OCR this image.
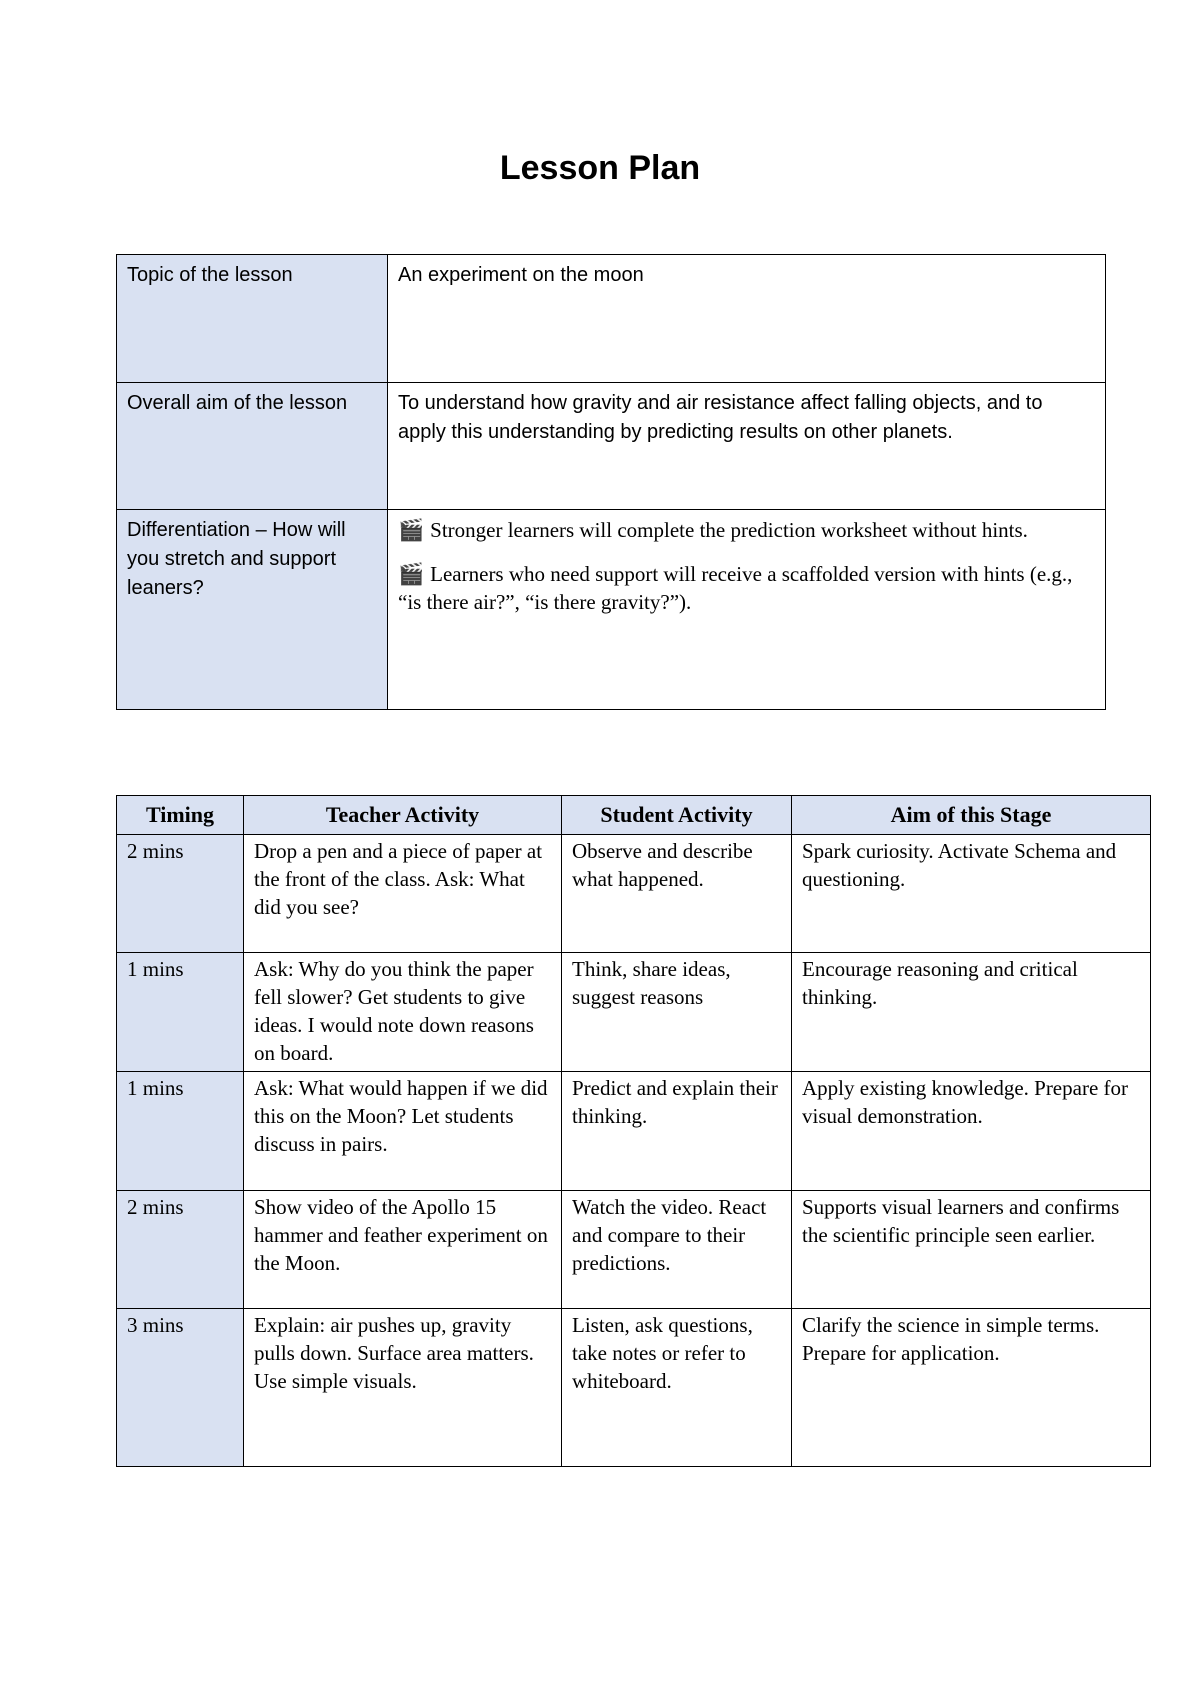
Lesson Plan
Topic of the lesson	An experiment on the moon
Overall aim of the lesson	To understand how gravity and air resistance affect falling objects, and to apply this understanding by predicting results on other planets.
Differentiation – How will you stretch and support leaners?	🎬 Stronger learners will complete the prediction worksheet without hints.

🎬 Learners who need support will receive a scaffolded version with hints (e.g., “is there air?”, “is there gravity?”).

Timing	Teacher Activity	Student Activity	Aim of this Stage
2 mins	Drop a pen and a piece of paper at the front of the class. Ask: What did you see?	Observe and describe what happened.	Spark curiosity. Activate Schema and questioning.
1 mins	Ask: Why do you think the paper fell slower? Get students to give ideas. I would note down reasons on board.	Think, share ideas, suggest reasons	Encourage reasoning and critical thinking.
1 mins	Ask: What would happen if we did this on the Moon? Let students discuss in pairs.	Predict and explain their thinking.	Apply existing knowledge. Prepare for visual demonstration.
2 mins	Show video of the Apollo 15 hammer and feather experiment on the Moon.	Watch the video. React and compare to their predictions.	Supports visual learners and confirms the scientific principle seen earlier.
3 mins	Explain: air pushes up, gravity pulls down. Surface area matters. Use simple visuals.	Listen, ask questions, take notes or refer to whiteboard.	Clarify the science in simple terms. Prepare for application.
